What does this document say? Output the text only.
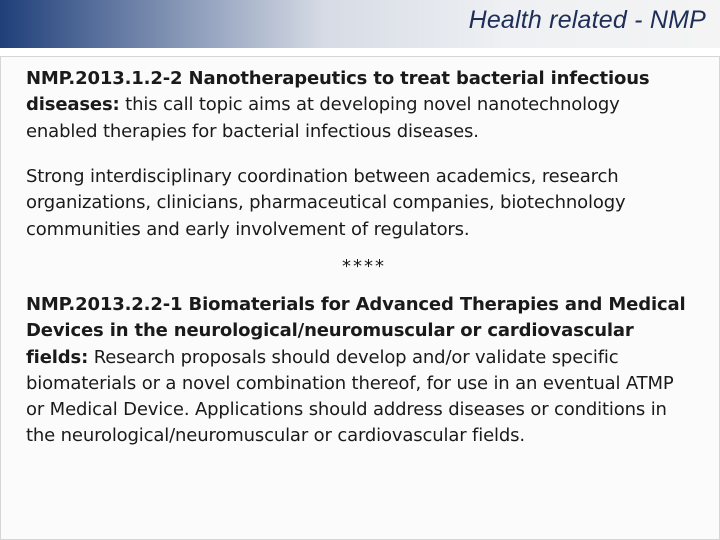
Health related - NMP
NMP.2013.1.2-2 Nanotherapeutics to treat bacterial infectious diseases: this call topic aims at developing novel nanotechnology enabled therapies for bacterial infectious diseases.
Strong interdisciplinary coordination between academics, research organizations, clinicians, pharmaceutical companies, biotechnology communities and early involvement of regulators.
****
NMP.2013.2.2-1 Biomaterials for Advanced Therapies and Medical Devices in the neurological/neuromuscular or cardiovascular fields: Research proposals should develop and/or validate specific biomaterials or a novel combination thereof, for use in an eventual ATMP or Medical Device. Applications should address diseases or conditions in the neurological/neuromuscular or cardiovascular fields.
